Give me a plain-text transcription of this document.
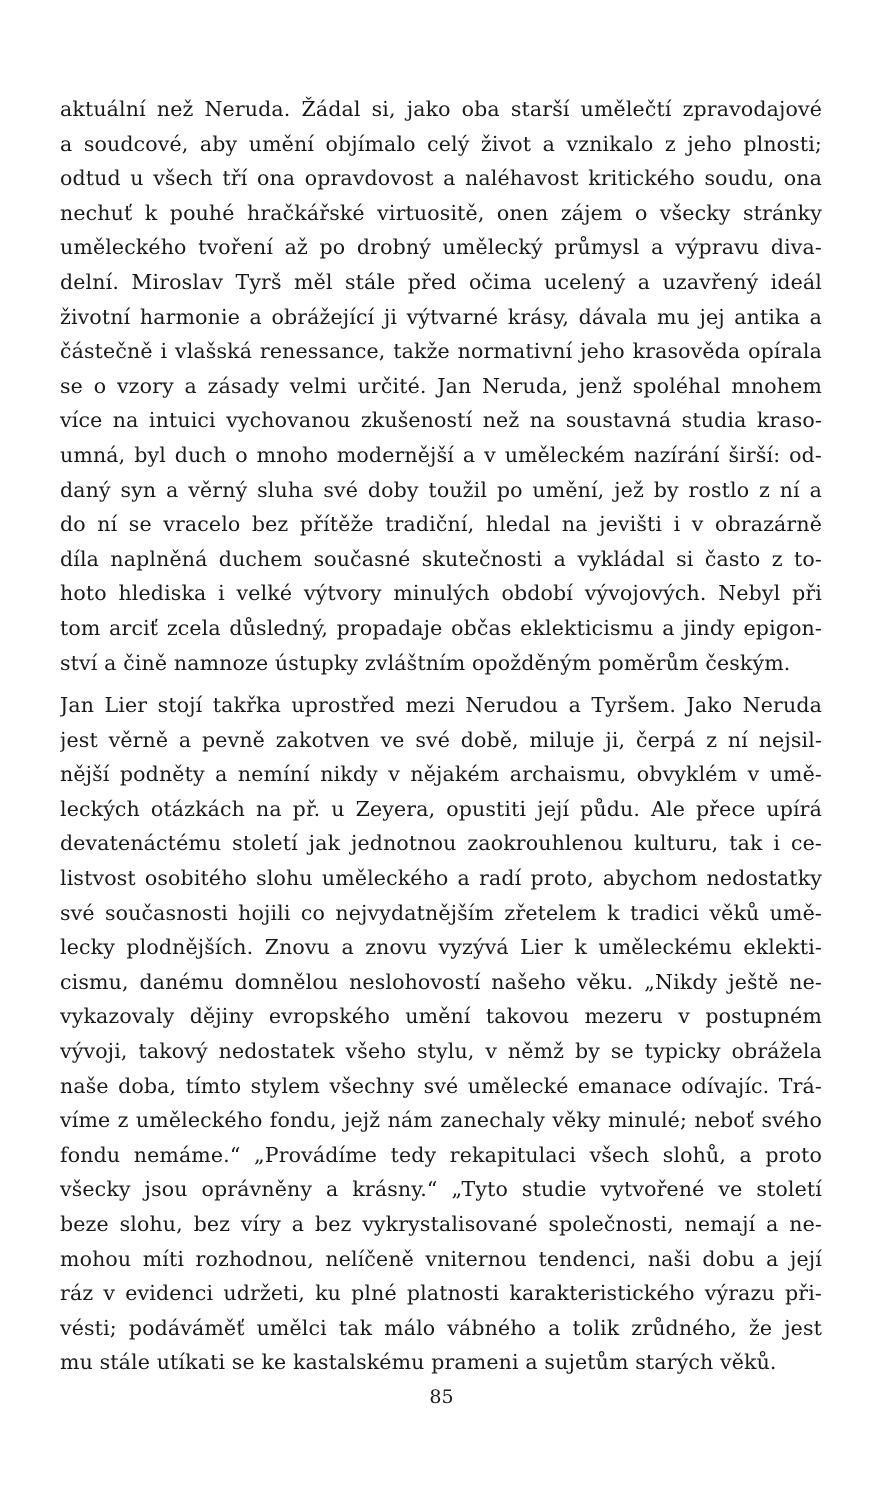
aktuální než Neruda. Žádal si, jako oba starší umělečtí zpravodajové
a soudcové, aby umění objímalo celý život a vznikalo z jeho plnosti;
odtud u všech tří ona opravdovost a naléhavost kritického soudu, ona
nechuť k pouhé hračkářské virtuositě, onen zájem o všecky stránky
uměleckého tvoření až po drobný umělecký průmysl a výpravu diva-
delní. Miroslav Tyrš měl stále před očima ucelený a uzavřený ideál
životní harmonie a obrážející ji výtvarné krásy, dávala mu jej antika a
částečně i vlašská renessance, takže normativní jeho krasověda opírala
se o vzory a zásady velmi určité. Jan Neruda, jenž spoléhal mnohem
více na intuici vychovanou zkušeností než na soustavná studia kraso-
umná, byl duch o mnoho modernější a v uměleckém nazírání širší: od-
daný syn a věrný sluha své doby toužil po umění, jež by rostlo z ní a
do ní se vracelo bez přítěže tradiční, hledal na jevišti i v obrazárně
díla naplněná duchem současné skutečnosti a vykládal si často z to-
hoto hlediska i velké výtvory minulých období vývojových. Nebyl při
tom arciť zcela důsledný, propadaje občas eklekticismu a jindy epigon-
ství a čině namnoze ústupky zvláštním opožděným poměrům českým.
Jan Lier stojí takřka uprostřed mezi Nerudou a Tyršem. Jako Neruda
jest věrně a pevně zakotven ve své době, miluje ji, čerpá z ní nejsil-
nější podněty a nemíní nikdy v nějakém archaismu, obvyklém v umě-
leckých otázkách na př. u Zeyera, opustiti její půdu. Ale přece upírá
devatenáctému století jak jednotnou zaokrouhlenou kulturu, tak i ce-
listvost osobitého slohu uměleckého a radí proto, abychom nedostatky
své současnosti hojili co nejvydatnějším zřetelem k tradici věků umě-
lecky plodnějších. Znovu a znovu vyzývá Lier k uměleckému eklekti-
cismu, danému domnělou neslohovostí našeho věku. „Nikdy ještě ne-
vykazovaly dějiny evropského umění takovou mezeru v postupném
vývoji, takový nedostatek všeho stylu, v němž by se typicky obrážela
naše doba, tímto stylem všechny své umělecké emanace odívajíc. Trá-
víme z uměleckého fondu, jejž nám zanechaly věky minulé; neboť svého
fondu nemáme.“ „Provádíme tedy rekapitulaci všech slohů, a proto
všecky jsou oprávněny a krásny.“ „Tyto studie vytvořené ve století
beze slohu, bez víry a bez vykrystalisované společnosti, nemají a ne-
mohou míti rozhodnou, nelíčeně vniternou tendenci, naši dobu a její
ráz v evidenci udržeti, ku plné platnosti karakteristického výrazu při-
vésti; podáváměť umělci tak málo vábného a tolik zrůdného, že jest
mu stále utíkati se ke kastalskému prameni a sujetům starých věků.
85
